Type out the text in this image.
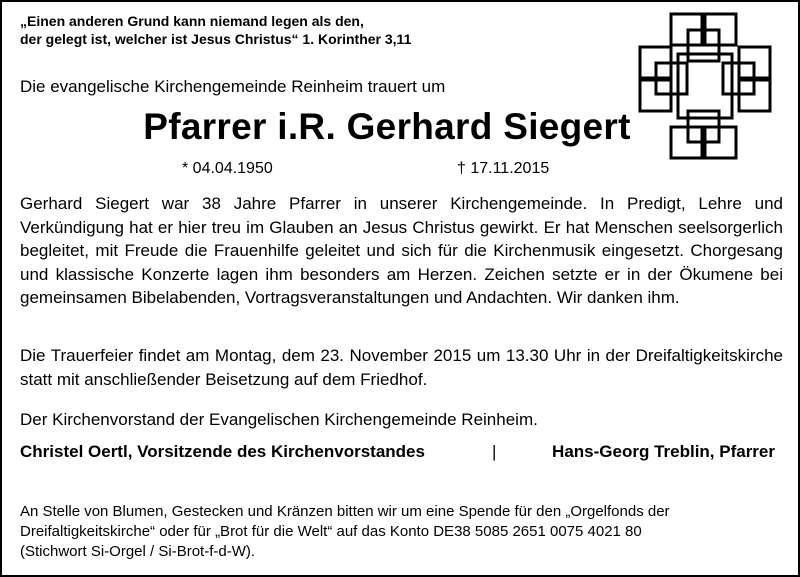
„Einen anderen Grund kann niemand legen als den,
der gelegt ist, welcher ist Jesus Christus“ 1. Korinther 3,11
Die evangelische Kirchengemeinde Reinheim trauert um
Pfarrer i.R. Gerhard Siegert
* 04.04.1950	† 17.11.2015

Gerhard Siegert war 38 Jahre Pfarrer in unserer Kirchengemeinde. In Predigt, Lehre und Verkündigung hat er hier treu im Glauben an Jesus Christus gewirkt. Er hat Menschen seelsorgerlich begleitet, mit Freude die Frauenhilfe geleitet und sich für die Kirchenmusik eingesetzt. Chorgesang und klassische Konzerte lagen ihm besonders am Herzen. Zeichen setzte er in der Ökumene bei gemeinsamen Bibelabenden, Vortragsveranstaltungen und Andachten. Wir danken ihm.

Die Trauerfeier findet am Montag, dem 23. November 2015 um 13.30 Uhr in der Dreifaltigkeitskirche statt mit anschließender Beisetzung auf dem Friedhof.

Der Kirchenvorstand der Evangelischen Kirchengemeinde Reinheim.
Christel Oertl, Vorsitzende des Kirchenvorstandes	|	Hans-Georg Treblin, Pfarrer
An Stelle von Blumen, Gestecken und Kränzen bitten wir um eine Spende für den „Orgelfonds der
Dreifaltigkeitskirche“ oder für „Brot für die Welt“ auf das Konto DE38 5085 2651 0075 4021 80
(Stichwort Si-Orgel / Si-Brot-f-d-W).
